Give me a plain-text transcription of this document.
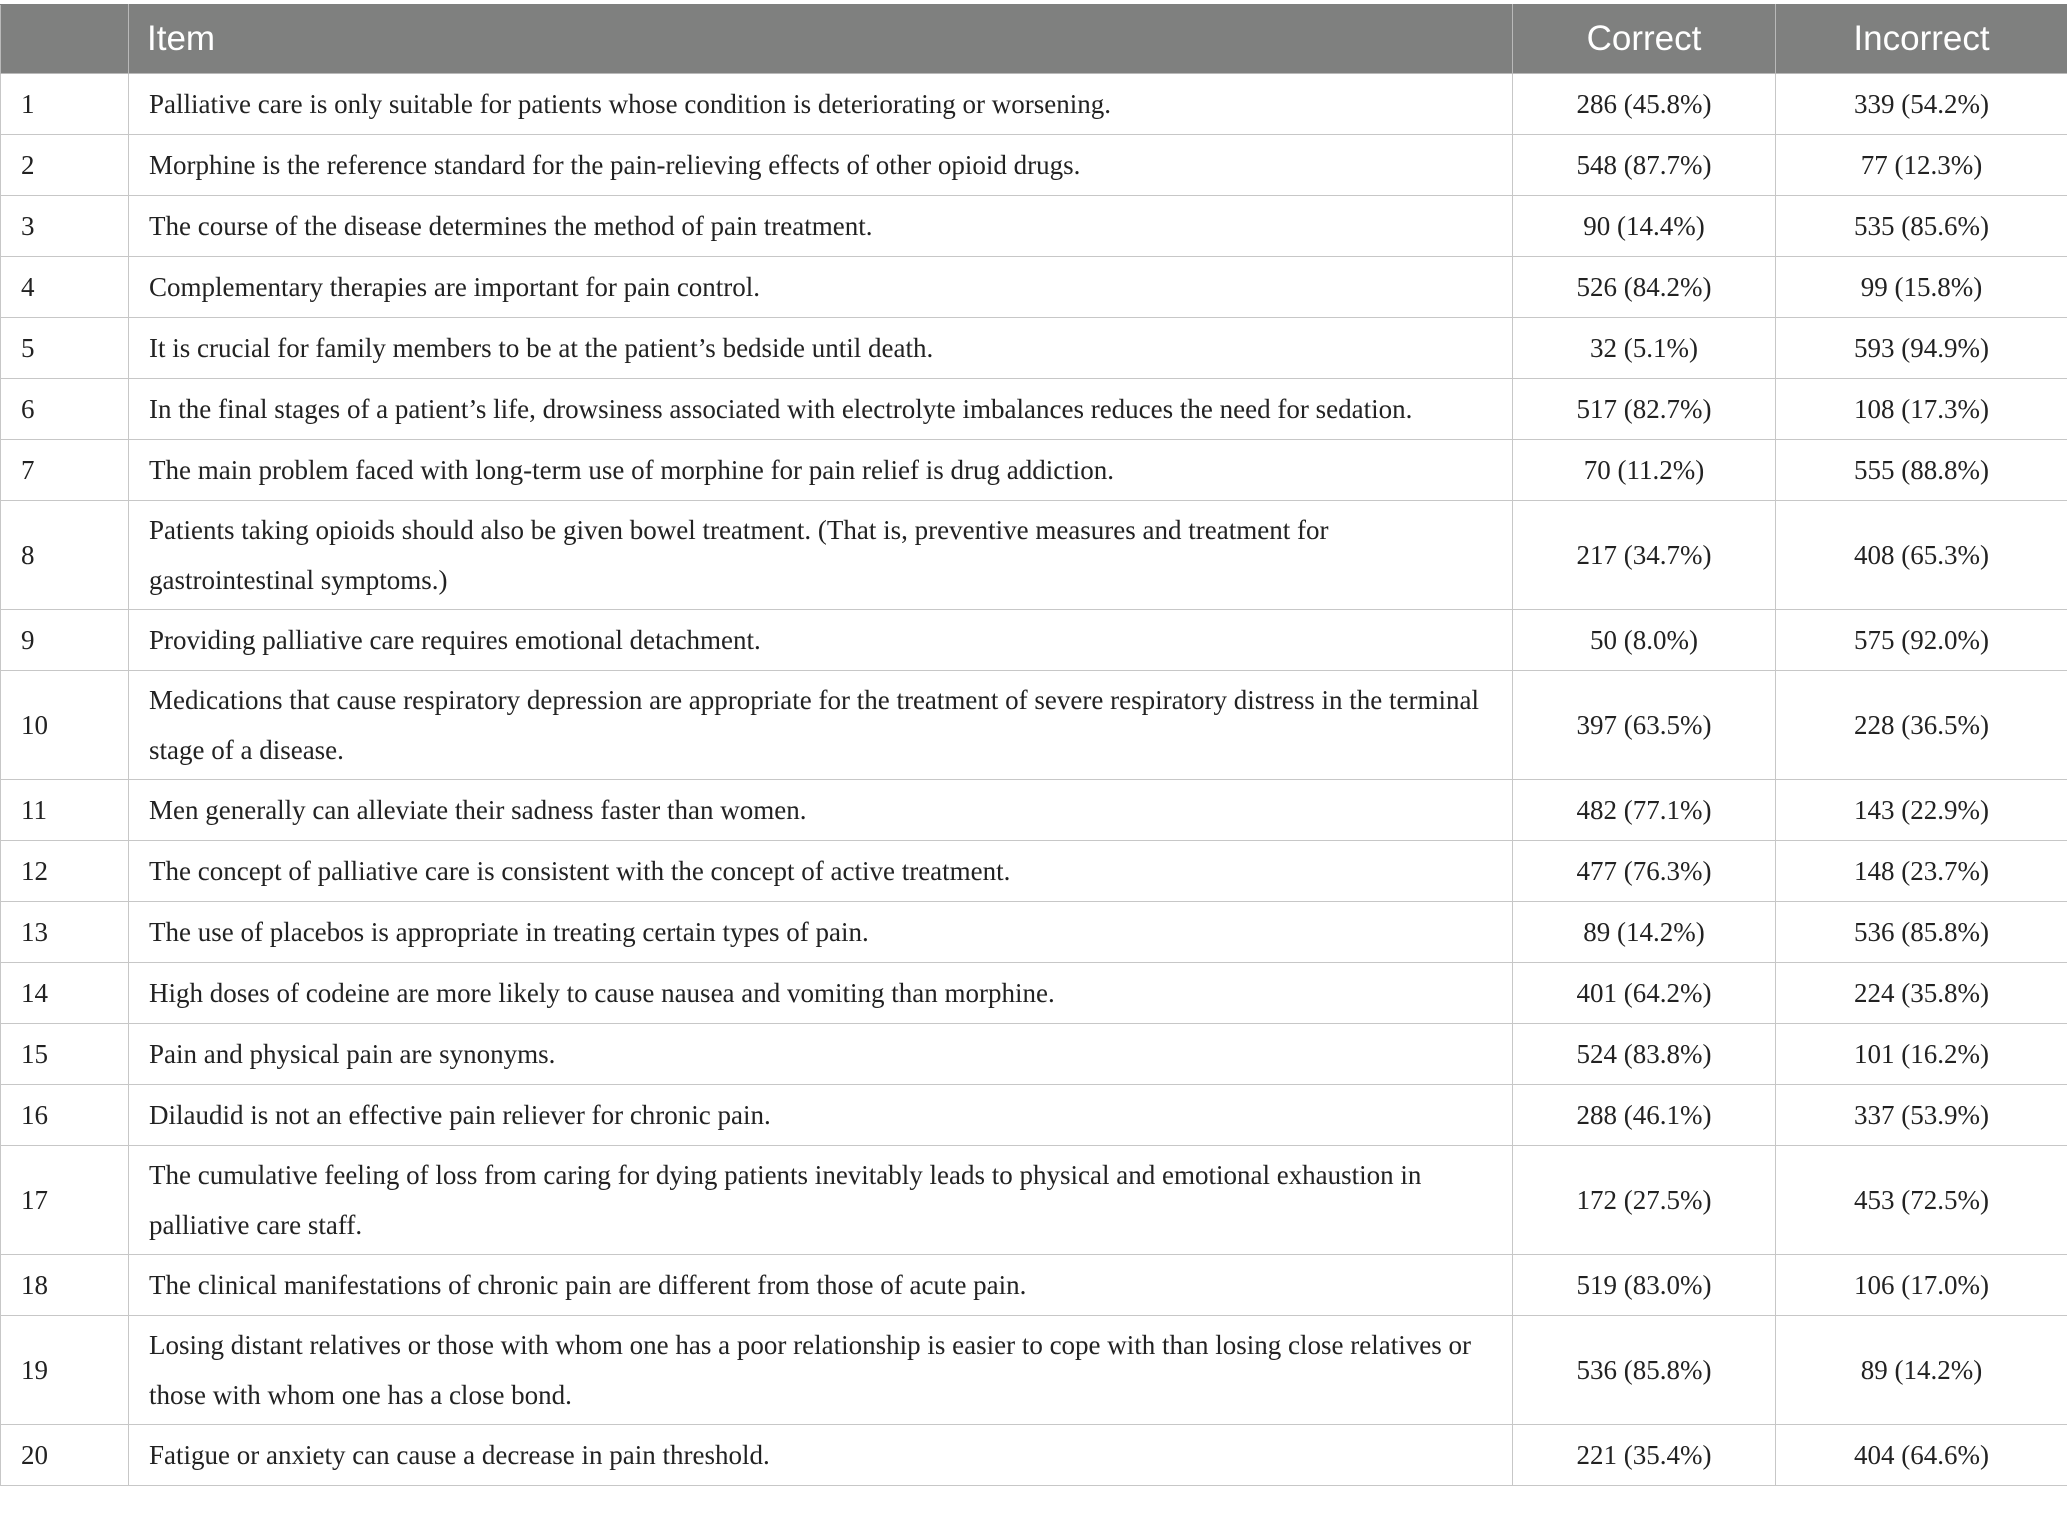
	Item	Correct	Incorrect
1	Palliative care is only suitable for patients whose condition is deteriorating or worsening.	286 (45.8%)	339 (54.2%)
2	Morphine is the reference standard for the pain-relieving effects of other opioid drugs.	548 (87.7%)	77 (12.3%)
3	The course of the disease determines the method of pain treatment.	90 (14.4%)	535 (85.6%)
4	Complementary therapies are important for pain control.	526 (84.2%)	99 (15.8%)
5	It is crucial for family members to be at the patient’s bedside until death.	32 (5.1%)	593 (94.9%)
6	In the final stages of a patient’s life, drowsiness associated with electrolyte imbalances reduces the need for sedation.	517 (82.7%)	108 (17.3%)
7	The main problem faced with long-term use of morphine for pain relief is drug addiction.	70 (11.2%)	555 (88.8%)
8	Patients taking opioids should also be given bowel treatment. (That is, preventive measures and treatment for gastrointestinal symptoms.)	217 (34.7%)	408 (65.3%)
9	Providing palliative care requires emotional detachment.	50 (8.0%)	575 (92.0%)
10	Medications that cause respiratory depression are appropriate for the treatment of severe respiratory distress in the terminal stage of a disease.	397 (63.5%)	228 (36.5%)
11	Men generally can alleviate their sadness faster than women.	482 (77.1%)	143 (22.9%)
12	The concept of palliative care is consistent with the concept of active treatment.	477 (76.3%)	148 (23.7%)
13	The use of placebos is appropriate in treating certain types of pain.	89 (14.2%)	536 (85.8%)
14	High doses of codeine are more likely to cause nausea and vomiting than morphine.	401 (64.2%)	224 (35.8%)
15	Pain and physical pain are synonyms.	524 (83.8%)	101 (16.2%)
16	Dilaudid is not an effective pain reliever for chronic pain.	288 (46.1%)	337 (53.9%)
17	The cumulative feeling of loss from caring for dying patients inevitably leads to physical and emotional exhaustion in palliative care staff.	172 (27.5%)	453 (72.5%)
18	The clinical manifestations of chronic pain are different from those of acute pain.	519 (83.0%)	106 (17.0%)
19	Losing distant relatives or those with whom one has a poor relationship is easier to cope with than losing close relatives or those with whom one has a close bond.	536 (85.8%)	89 (14.2%)
20	Fatigue or anxiety can cause a decrease in pain threshold.	221 (35.4%)	404 (64.6%)
